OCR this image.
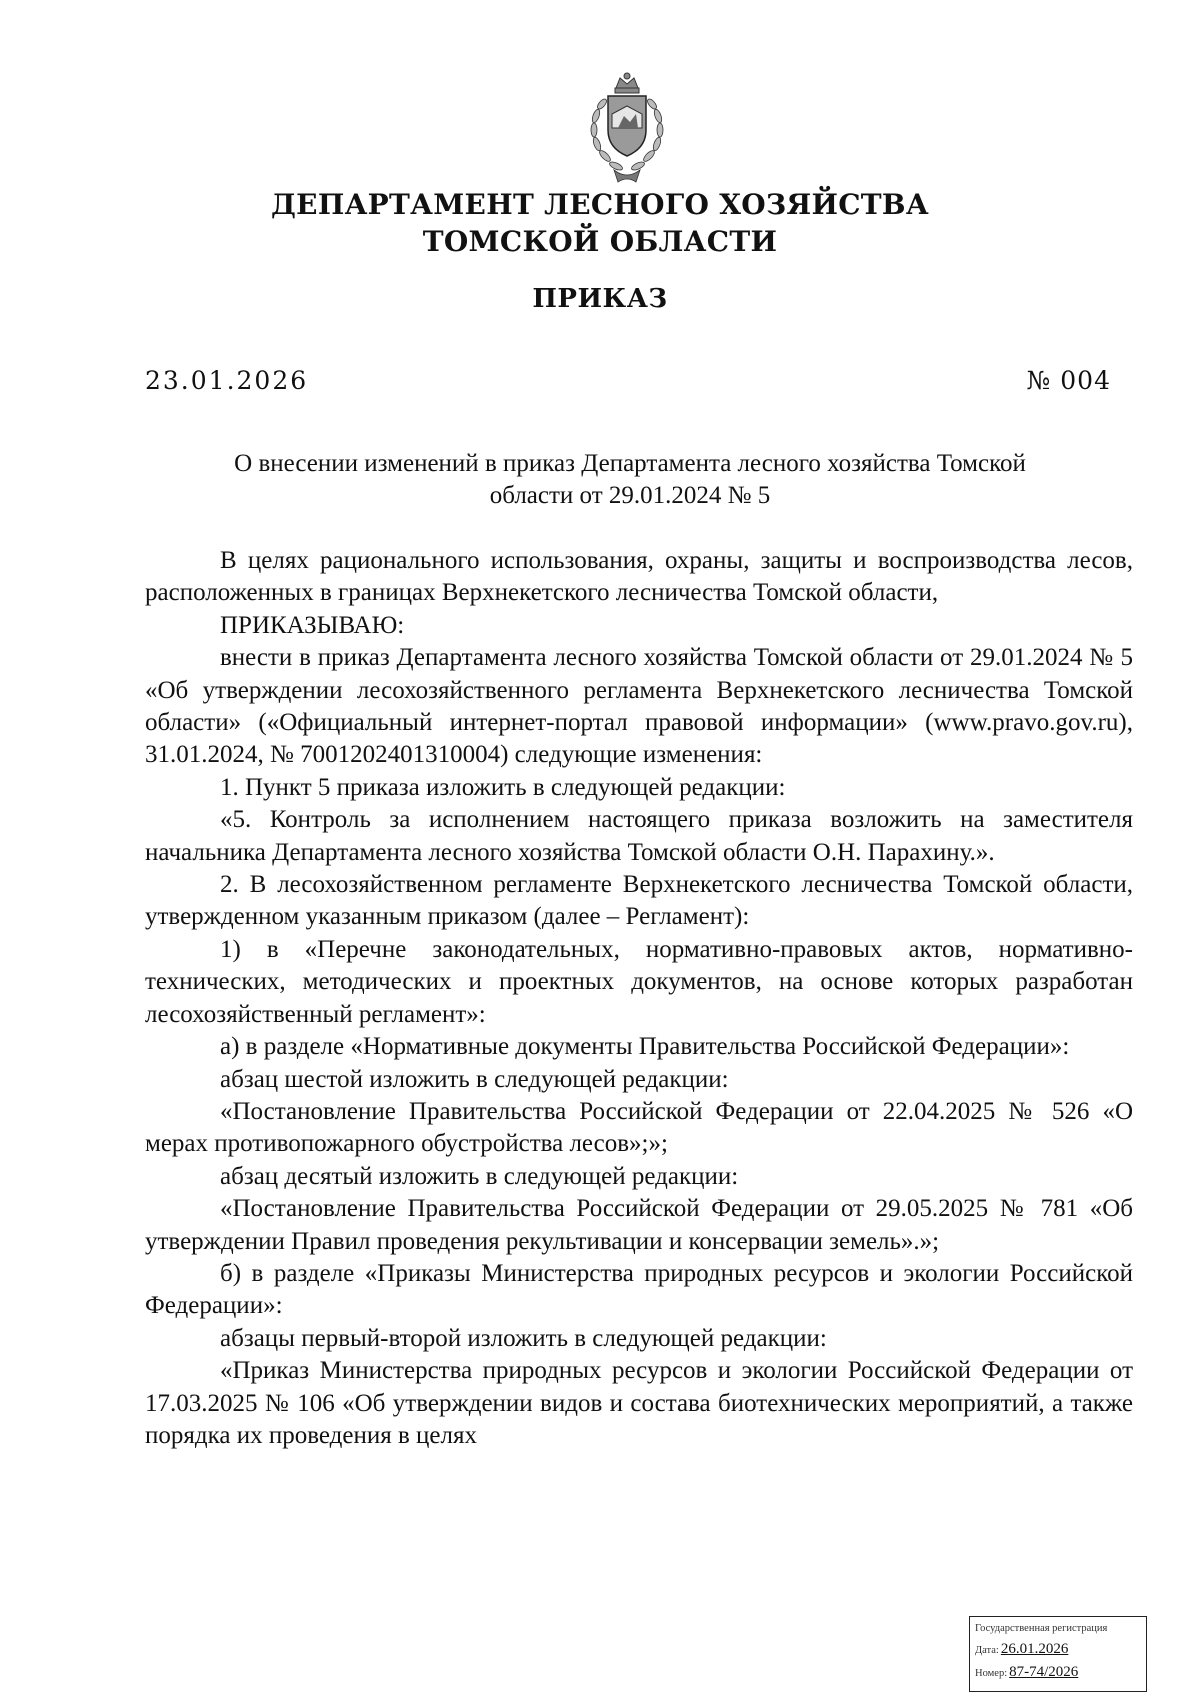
ДЕПАРТАМЕНТ ЛЕСНОГО ХОЗЯЙСТВА
ТОМСКОЙ ОБЛАСТИ
ПРИКАЗ
23.01.2026	№ 004
О внесении изменений в приказ Департамента лесного хозяйства Томской
области от 29.01.2024 № 5

В целях рационального использования, охраны, защиты и воспроизводства лесов, расположенных в границах Верхнекетского лесничества Томской области,

ПРИКАЗЫВАЮ:

внести в приказ Департамента лесного хозяйства Томской области от 29.01.2024 № 5 «Об утверждении лесохозяйственного регламента Верхнекетского лесничества Томской области» («Официальный интернет-портал правовой информации» (www.pravo.gov.ru), 31.01.2024, № 7001202401310004) следующие изменения:

1. Пункт 5 приказа изложить в следующей редакции:

«5. Контроль за исполнением настоящего приказа возложить на заместителя начальника Департамента лесного хозяйства Томской области О.Н. Парахину.».

2. В лесохозяйственном регламенте Верхнекетского лесничества Томской области, утвержденном указанным приказом (далее – Регламент):

1) в «Перечне законодательных, нормативно-правовых актов, нормативно-технических, методических и проектных документов, на основе которых разработан лесохозяйственный регламент»:

а) в разделе «Нормативные документы Правительства Российской Федерации»:

абзац шестой изложить в следующей редакции:

«Постановление Правительства Российской Федерации от 22.04.2025 № 526 «О мерах противопожарного обустройства лесов»;»;

абзац десятый изложить в следующей редакции:

«Постановление Правительства Российской Федерации от 29.05.2025 № 781 «Об утверждении Правил проведения рекультивации и консервации земель».»;

б) в разделе «Приказы Министерства природных ресурсов и экологии Российской Федерации»:

абзацы первый-второй изложить в следующей редакции:

«Приказ Министерства природных ресурсов и экологии Российской Федерации от 17.03.2025 № 106 «Об утверждении видов и состава биотехнических мероприятий, а также порядка их проведения в целях

Государственная регистрация
Дата: 26.01.2026
Номер: 87-74/2026
